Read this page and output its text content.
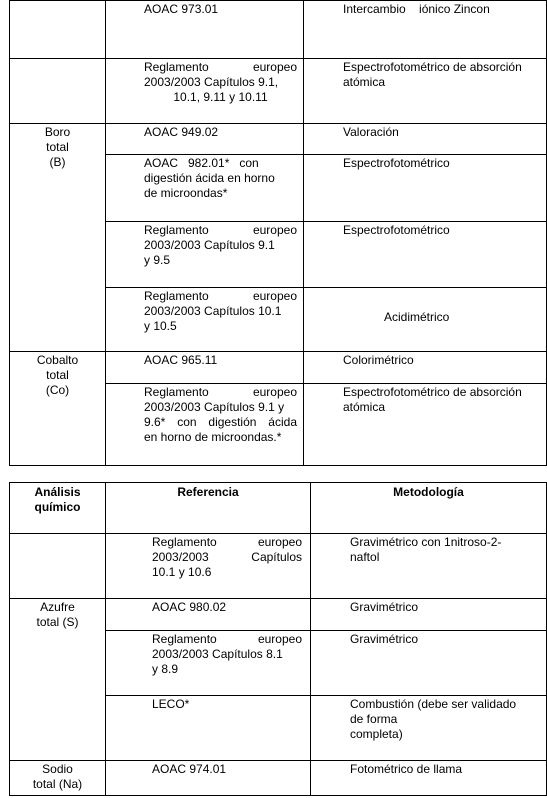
	AOAC 973.01	Intercambio    iónico Zincon

	Reglamento europeo
2003/2003 Capítulos 9.1,
10.1, 9.11 y 10.11	Espectrofotométrico de absorción
atómica

Boro
total
(B)	AOAC 949.02	Valoración

	AOAC   982.01*   con
digestión ácida en horno
de microondas*	Espectrofotométrico

	Reglamento europeo
2003/2003 Capítulos 9.1
y 9.5	Espectrofotométrico

	Reglamento europeo
2003/2003 Capítulos 10.1
y 10.5	Acidimétrico

Cobalto
total
(Co)	AOAC 965.11	Colorimétrico

	Reglamento europeo
2003/2003 Capítulos 9.1 y
9.6* con digestión ácida
en horno de microondas.*	Espectrofotométrico de absorción
atómica
Análisis
químico	Referencia	Metodología

	Reglamento europeo
2003/2003 Capítulos
10.1 y 10.6	Gravimétrico con 1nitroso-2-
naftol

Azufre
total (S)	AOAC 980.02	Gravimétrico

	Reglamento europeo
2003/2003 Capítulos 8.1
y 8.9	Gravimétrico

	LECO*	Combustión (debe ser validado
de forma
completa)

Sodio
total (Na)	AOAC 974.01	Fotométrico de llama
